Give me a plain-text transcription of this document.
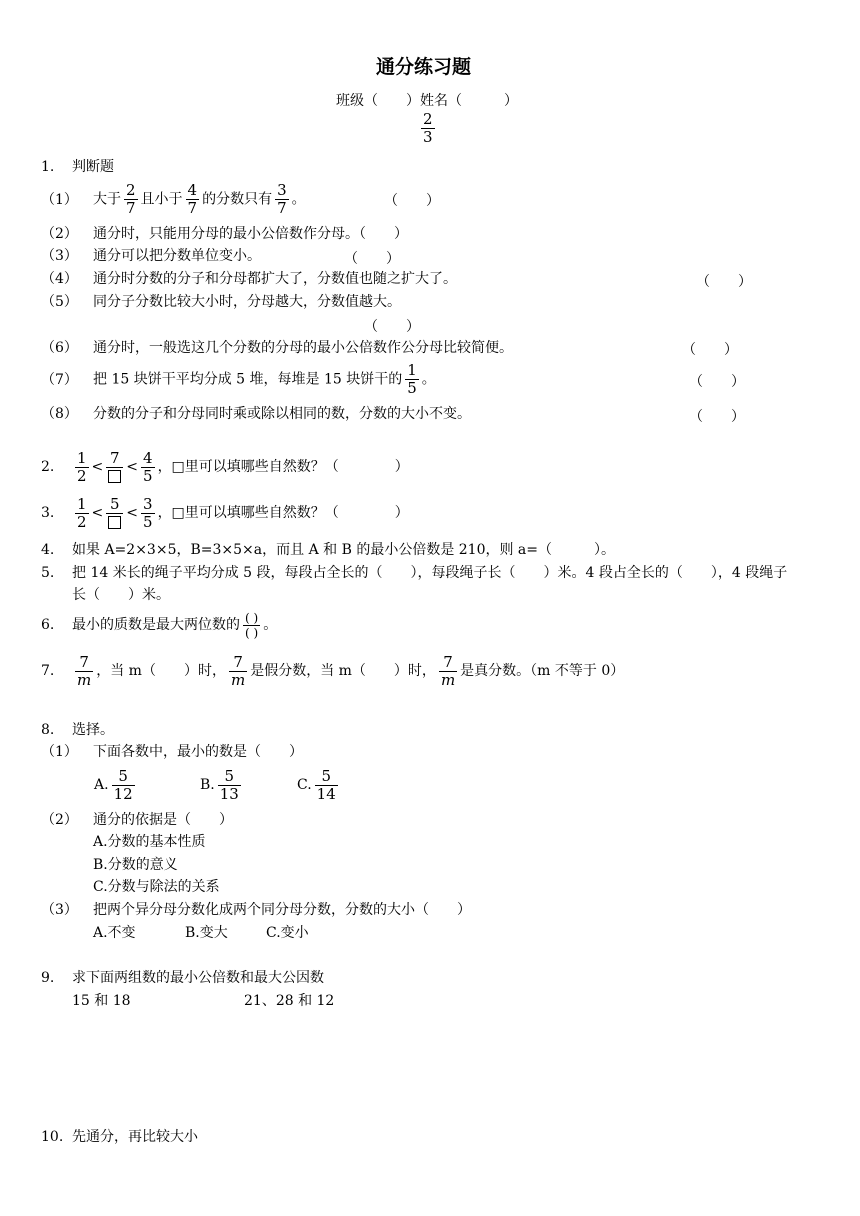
通分练习题
班级（　　）姓名（　　　）
$\frac{2}{3}$
1. 判断题
（1） 大于 $\frac{2}{7}$ 且小于 $\frac{4}{7}$ 的分数只有 $\frac{3}{7}$ 。	（　　）
（2） 通分时，只能用分母的最小公倍数作分母。（　　）
（3） 通分可以把分数单位变小。	（　　）
（4） 通分时分数的分子和分母都扩大了，分数值也随之扩大了。	（　　）
（5） 同分子分数比较大小时，分母越大，分数值越大。
（　　）
（6） 通分时，一般选这几个分数的分母的最小公倍数作公分母比较简便。	（　　）
（7） 把 15 块饼干平均分成 5 堆，每堆是 15 块饼干的 $\frac{1}{5}$ 。	（　　）
（8） 分数的分子和分母同时乘或除以相同的数，分数的大小不变。	（　　）
2. $\frac{1}{2}$ <
7
< $\frac{4}{5}$ ，□里可以填哪些自然数？（　　　　）
3. $\frac{1}{2}$ <
5
< $\frac{3}{5}$ ，□里可以填哪些自然数？（　　　　）
4. 如果 A=2×3×5，B=3×5×a，而且 A 和 B 的最小公倍数是 210，则 a=（　　　）。
5. 把 14 米长的绳子平均分成 5 段，每段占全长的（　　），每段绳子长（　　）米。4 段占全长的（　　），4 段绳子
长（　　）米。
6. 最小的质数是最大两位数的 $\frac{( )}{( )}$ 。
7. $\frac{7}{m}$ ，当 m（　　）时， $\frac{7}{m}$ 是假分数，当 m（　　）时， $\frac{7}{m}$ 是真分数。（m 不等于 0）
8. 选择。
（1） 下面各数中，最小的数是（　　）
A. $\frac{5}{12}$	B. $\frac{5}{13}$	C. $\frac{5}{14}$
（2） 通分的依据是（　　）
A.分数的基本性质
B.分数的意义
C.分数与除法的关系
（3） 把两个异分母分数化成两个同分母分数，分数的大小（　　）
A.不变	B.变大	C.变小
9. 求下面两组数的最小公倍数和最大公因数
15 和 18	21、28 和 12
10. 先通分，再比较大小
